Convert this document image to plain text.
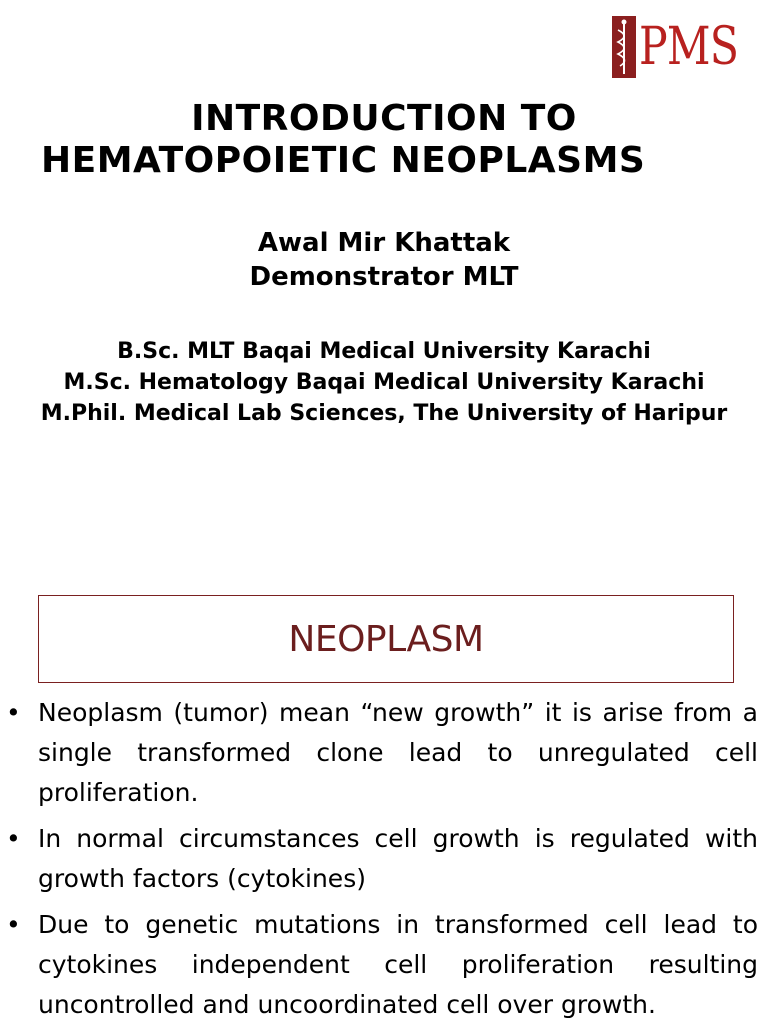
PMS
INTRODUCTION TO
HEMATOPOIETIC NEOPLASMS
Awal Mir Khattak
Demonstrator MLT
B.Sc. MLT Baqai Medical University Karachi
M.Sc. Hematology Baqai Medical University Karachi
M.Phil. Medical Lab Sciences, The University of Haripur
NEOPLASM
• Neoplasm (tumor) mean “new growth” it is arise from a single transformed clone lead to unregulated cell proliferation.
• In normal circumstances cell growth is regulated with growth factors (cytokines)
• Due to genetic mutations in transformed cell lead to cytokines independent cell proliferation resulting uncontrolled and uncoordinated cell over growth.
